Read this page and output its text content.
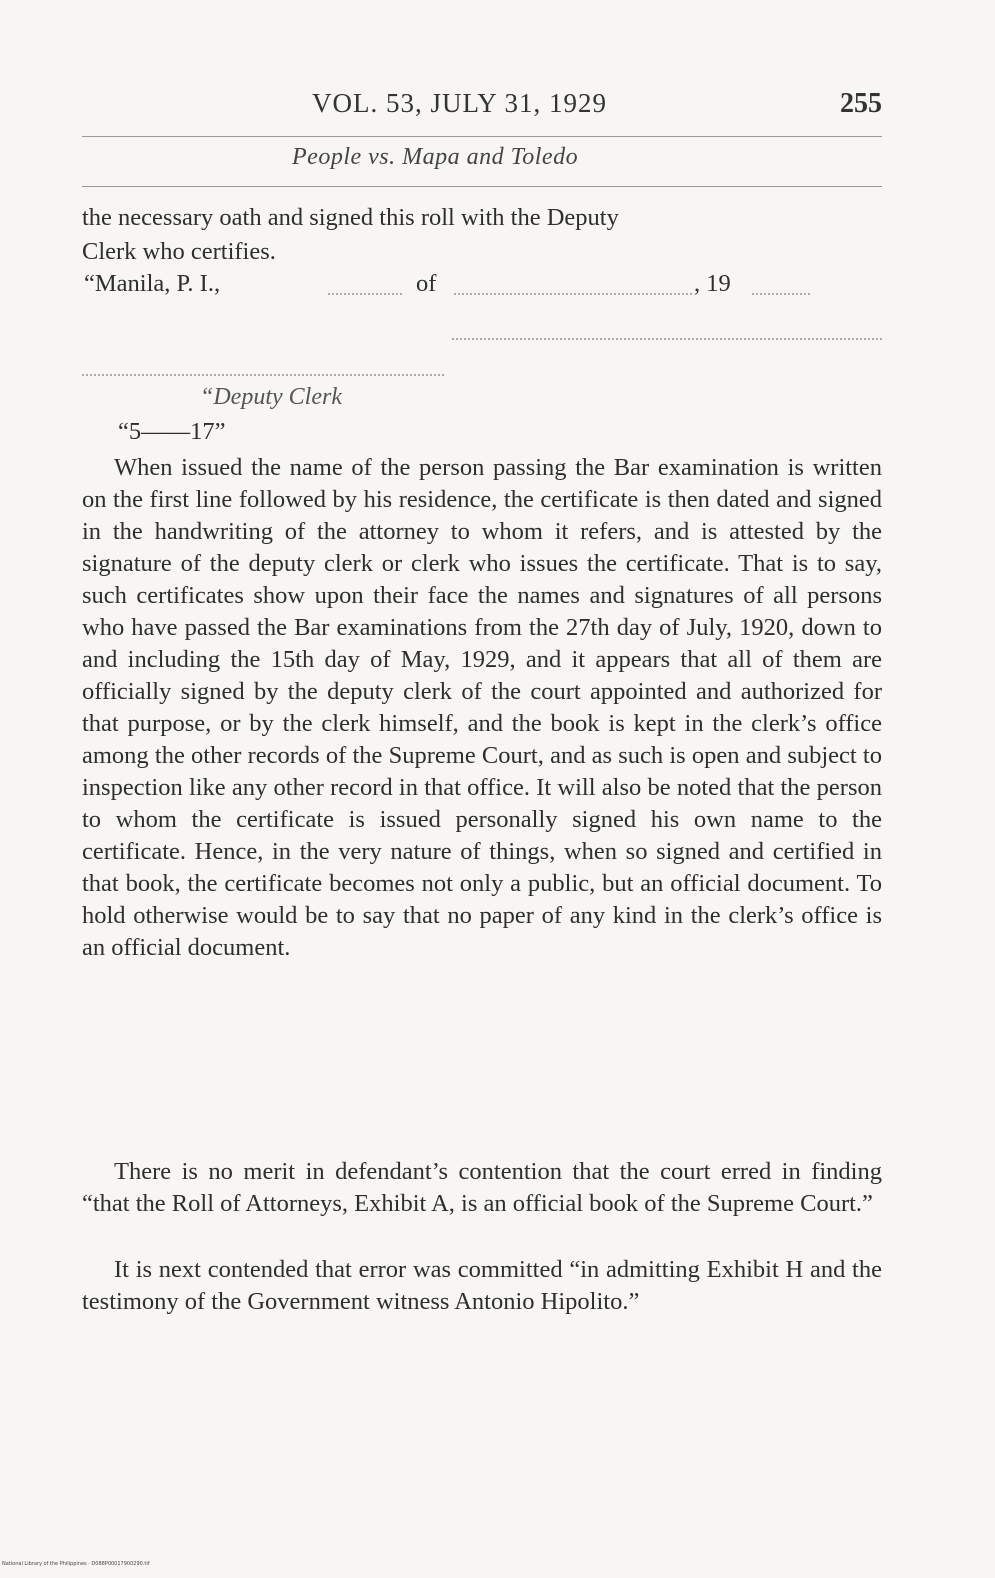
VOL. 53, JULY 31, 1929	255
People vs. Mapa and Toledo
the necessary oath and signed this roll with the Deputy
Clerk who certifies.
“Manila, P. I.,	of	, 19
“Deputy Clerk
“5——17”

When issued the name of the person passing the Bar examination is written on the first line followed by his residence, the certificate is then dated and signed in the handwriting of the attorney to whom it refers, and is attested by the signature of the deputy clerk or clerk who issues the certificate. That is to say, such certificates show upon their face the names and signatures of all persons who have passed the Bar examinations from the 27th day of July, 1920, down to and including the 15th day of May, 1929, and it appears that all of them are officially signed by the deputy clerk of the court appointed and authorized for that purpose, or by the clerk himself, and the book is kept in the clerk’s office among the other records of the Supreme Court, and as such is open and subject to inspection like any other record in that office. It will also be noted that the person to whom the certificate is issued personally signed his own name to the certificate. Hence, in the very nature of things, when so signed and certified in that book, the certificate becomes not only a public, but an official document. To hold otherwise would be to say that no paper of any kind in the clerk’s office is an official document.

There is no merit in defendant’s contention that the court erred in finding “that the Roll of Attorneys, Exhibit A, is an official book of the Supreme Court.”

It is next contended that error was committed “in admitting Exhibit H and the testimony of the Government witness Antonio Hipolito.”

National Library of the Philippines · D088P00017900290.tif
